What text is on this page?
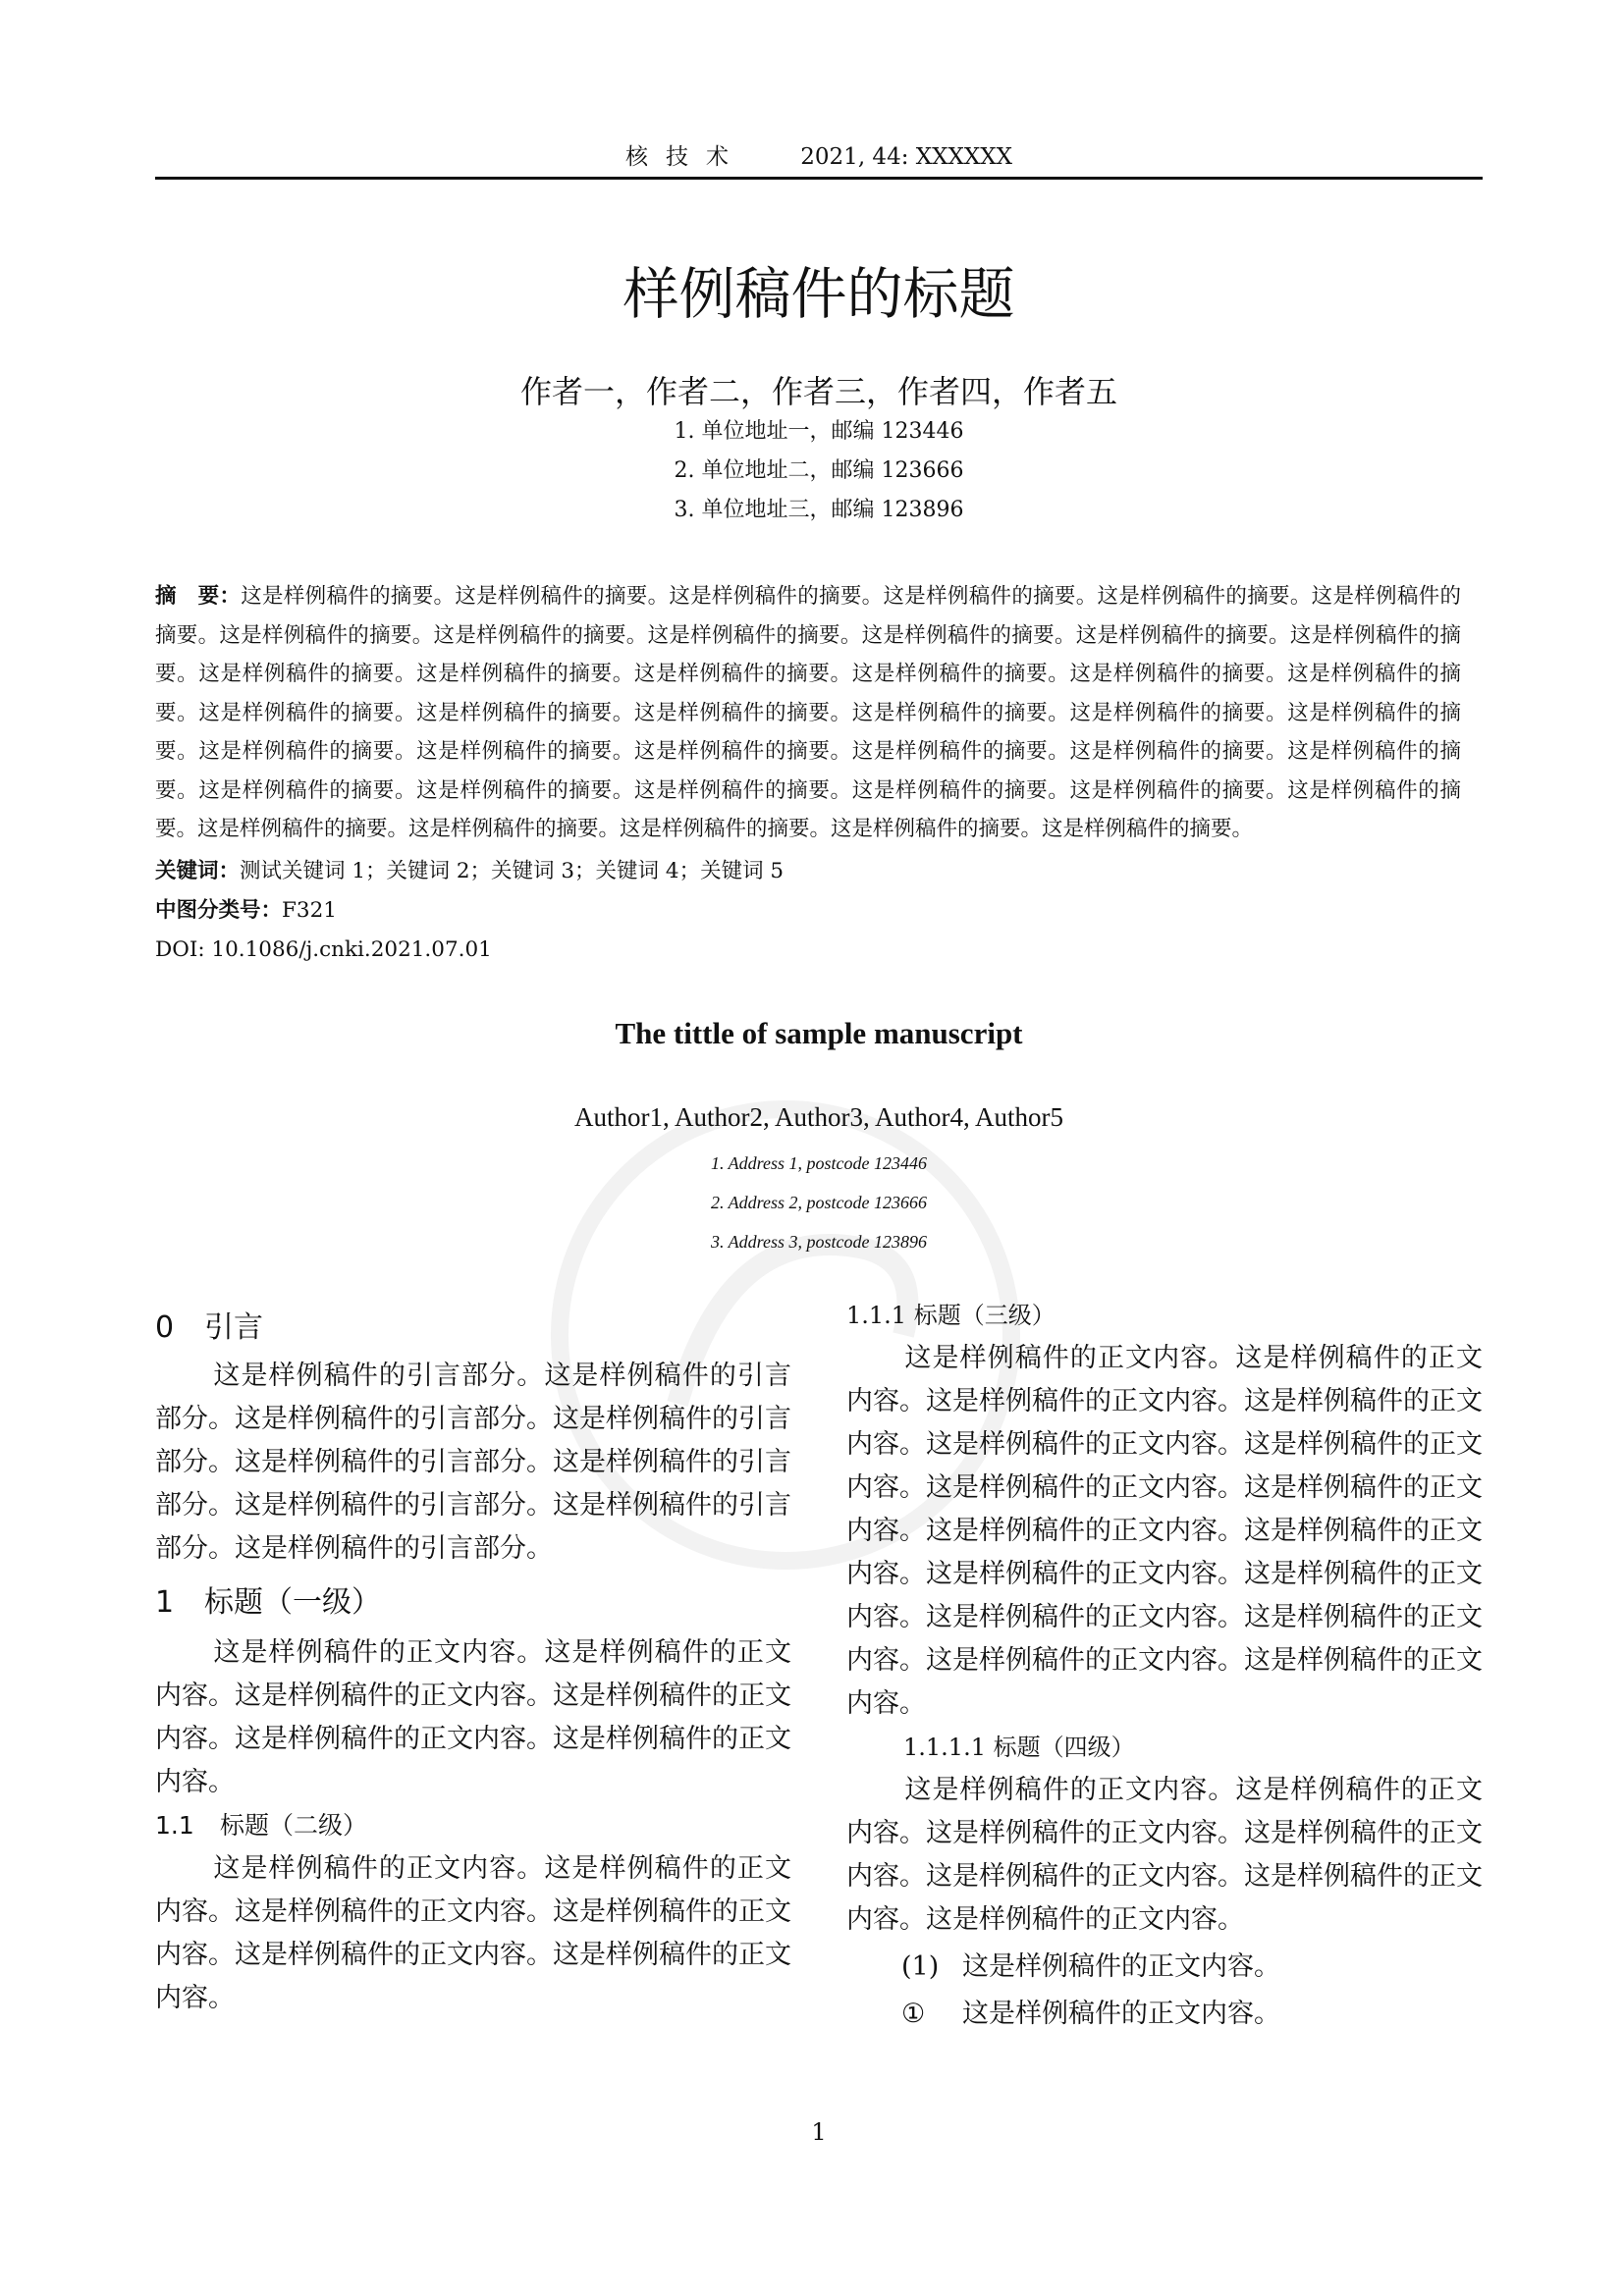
核技术 2021, 44: XXXXXX
样例稿件的标题
作者一，作者二，作者三，作者四，作者五
1. 单位地址一，邮编 123446
2. 单位地址二，邮编 123666
3. 单位地址三，邮编 123896
摘　要：这是样例稿件的摘要。这是样例稿件的摘要。这是样例稿件的摘要。这是样例稿件的摘要。这是样例稿件的摘要。这是样例稿件的摘要。这是样例稿件的摘要。这是样例稿件的摘要。这是样例稿件的摘要。这是样例稿件的摘要。这是样例稿件的摘要。这是样例稿件的摘要。这是样例稿件的摘要。这是样例稿件的摘要。这是样例稿件的摘要。这是样例稿件的摘要。这是样例稿件的摘要。这是样例稿件的摘要。这是样例稿件的摘要。这是样例稿件的摘要。这是样例稿件的摘要。这是样例稿件的摘要。这是样例稿件的摘要。这是样例稿件的摘要。这是样例稿件的摘要。这是样例稿件的摘要。这是样例稿件的摘要。这是样例稿件的摘要。这是样例稿件的摘要。这是样例稿件的摘要。这是样例稿件的摘要。这是样例稿件的摘要。这是样例稿件的摘要。这是样例稿件的摘要。这是样例稿件的摘要。这是样例稿件的摘要。这是样例稿件的摘要。这是样例稿件的摘要。这是样例稿件的摘要。这是样例稿件的摘要。这是样例稿件的摘要。
关键词：测试关键词 1；关键词 2；关键词 3；关键词 4；关键词 5
中图分类号：F321
DOI: 10.1086/j.cnki.2021.07.01
The tittle of sample manuscript
Author1, Author2, Author3, Author4, Author5
1. Address 1, postcode 123446
2. Address 2, postcode 123666
3. Address 3, postcode 123896

0 引言

这是样例稿件的引言部分。这是样例稿件的引言部分。这是样例稿件的引言部分。这是样例稿件的引言部分。这是样例稿件的引言部分。这是样例稿件的引言部分。这是样例稿件的引言部分。这是样例稿件的引言部分。这是样例稿件的引言部分。

1 标题（一级）

这是样例稿件的正文内容。这是样例稿件的正文内容。这是样例稿件的正文内容。这是样例稿件的正文内容。这是样例稿件的正文内容。这是样例稿件的正文内容。

1.1 标题（二级）

这是样例稿件的正文内容。这是样例稿件的正文内容。这是样例稿件的正文内容。这是样例稿件的正文内容。这是样例稿件的正文内容。这是样例稿件的正文内容。

1.1.1 标题（三级）

这是样例稿件的正文内容。这是样例稿件的正文内容。这是样例稿件的正文内容。这是样例稿件的正文内容。这是样例稿件的正文内容。这是样例稿件的正文内容。这是样例稿件的正文内容。这是样例稿件的正文内容。这是样例稿件的正文内容。这是样例稿件的正文内容。这是样例稿件的正文内容。这是样例稿件的正文内容。这是样例稿件的正文内容。这是样例稿件的正文内容。这是样例稿件的正文内容。这是样例稿件的正文内容。

1.1.1.1 标题（四级）

这是样例稿件的正文内容。这是样例稿件的正文内容。这是样例稿件的正文内容。这是样例稿件的正文内容。这是样例稿件的正文内容。这是样例稿件的正文内容。这是样例稿件的正文内容。

(1) 这是样例稿件的正文内容。

① 这是样例稿件的正文内容。

1
